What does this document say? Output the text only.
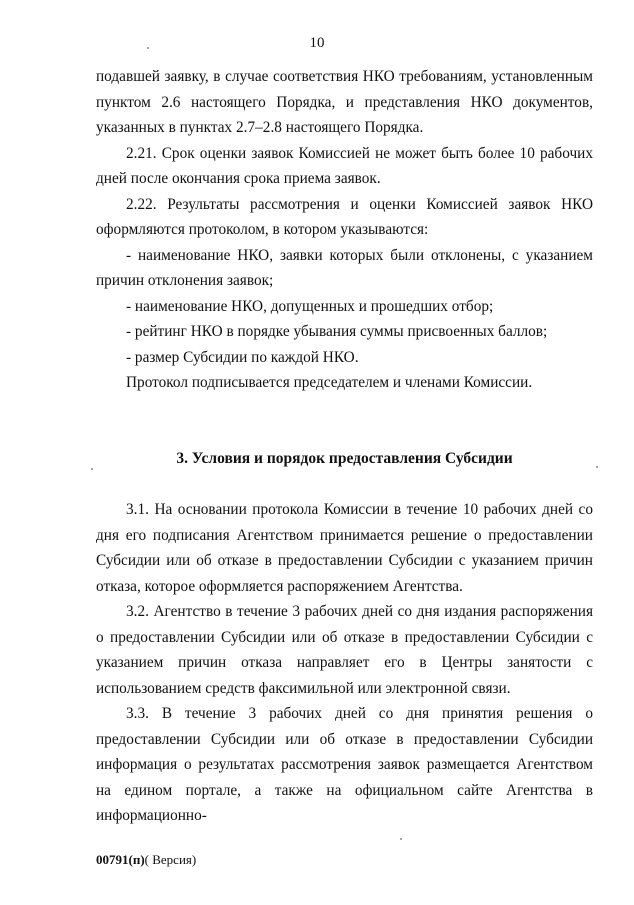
10

подавшей заявку, в случае соответствия НКО требованиям, установленным пунктом 2.6 настоящего Порядка, и представления НКО документов, указанных в пунктах 2.7–2.8 настоящего Порядка.

2.21. Срок оценки заявок Комиссией не может быть более 10 рабочих дней после окончания срока приема заявок.

2.22. Результаты рассмотрения и оценки Комиссией заявок НКО оформляются протоколом, в котором указываются:

- наименование НКО, заявки которых были отклонены, с указанием причин отклонения заявок;

- наименование НКО, допущенных и прошедших отбор;

- рейтинг НКО в порядке убывания суммы присвоенных баллов;

- размер Субсидии по каждой НКО.

Протокол подписывается председателем и членами Комиссии.

3. Условия и порядок предоставления Субсидии

3.1. На основании протокола Комиссии в течение 10 рабочих дней со дня его подписания Агентством принимается решение о предоставлении Субсидии или об отказе в предоставлении Субсидии с указанием причин отказа, которое оформляется распоряжением Агентства.

3.2. Агентство в течение 3 рабочих дней со дня издания распоряжения о предоставлении Субсидии или об отказе в предоставлении Субсидии с указанием причин отказа направляет его в Центры занятости с использованием средств факсимильной или электронной связи.

3.3. В течение 3 рабочих дней со дня принятия решения о предоставлении Субсидии или об отказе в предоставлении Субсидии информация о результатах рассмотрения заявок размещается Агентством на едином портале, а также на официальном сайте Агентства в информационно-

00791(п)( Версия)
